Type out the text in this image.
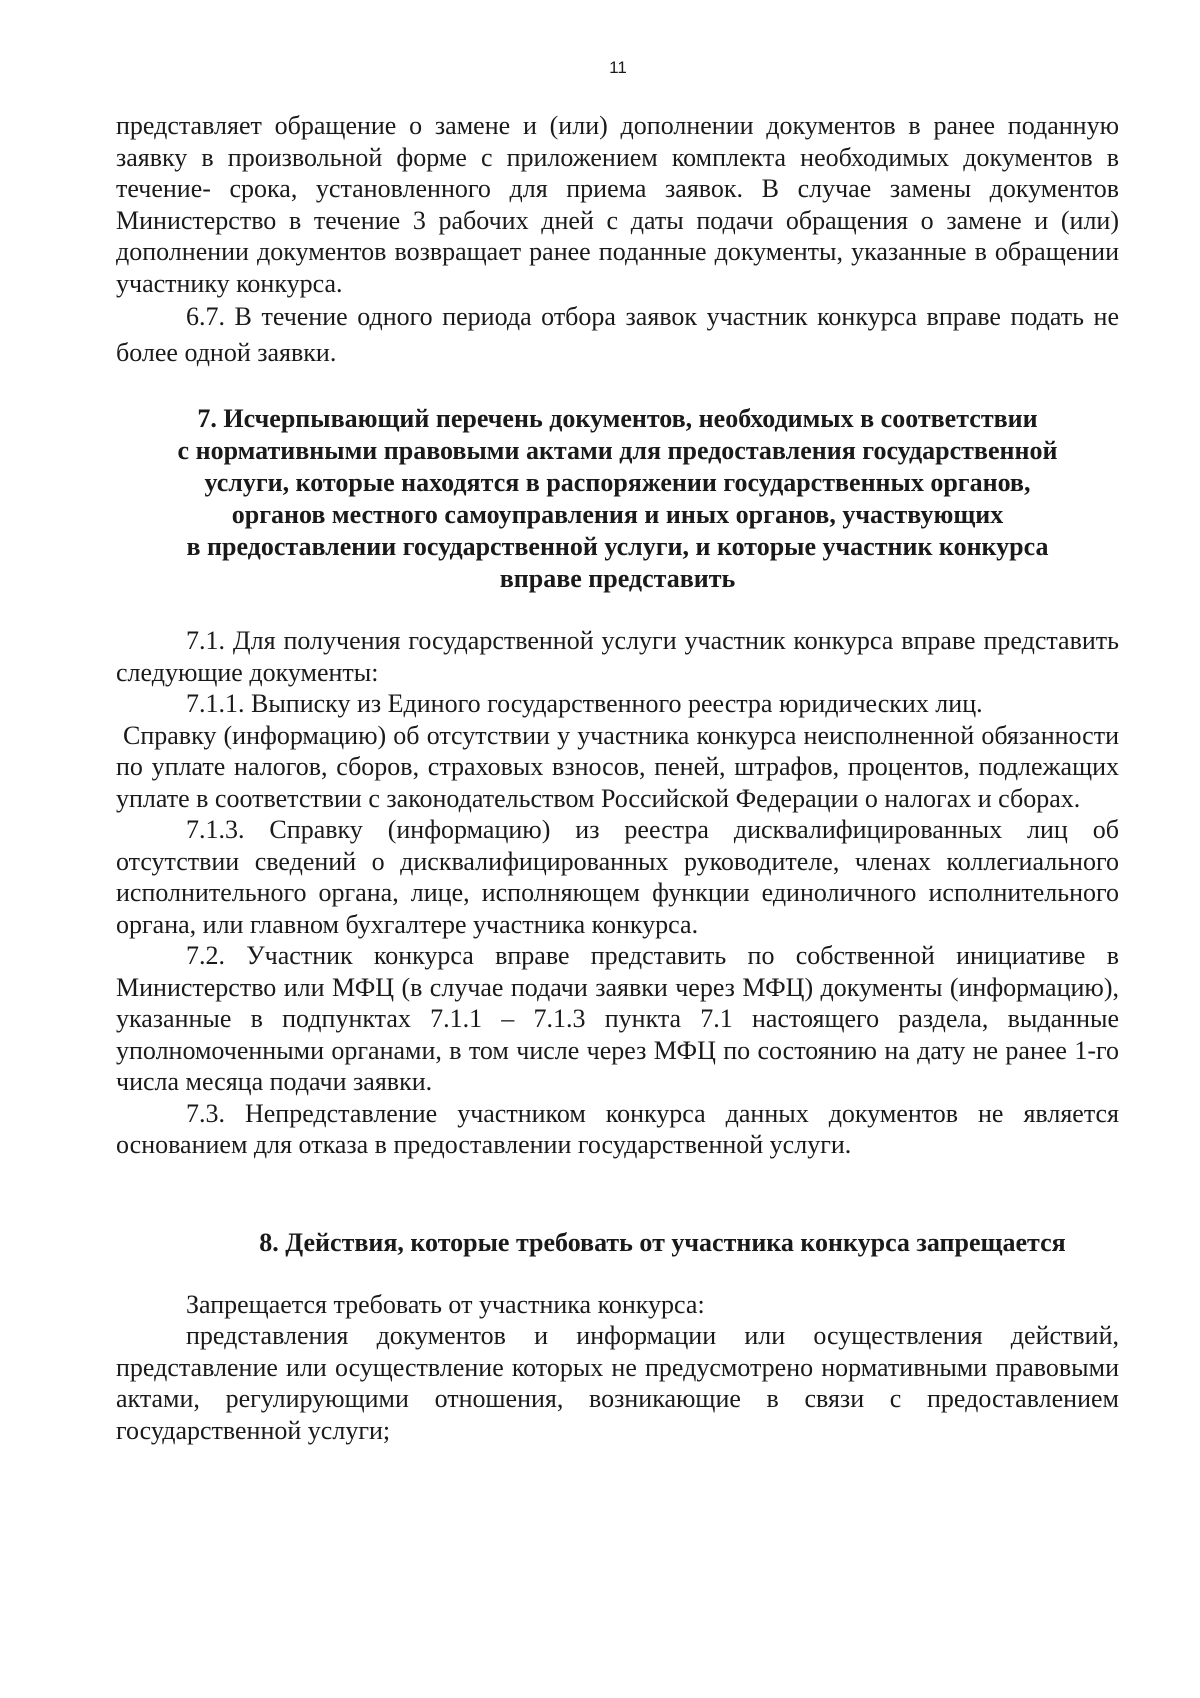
11

представляет обращение о замене и (или) дополнении документов в ранее поданную заявку в произвольной форме с приложением комплекта необходимых документов в течение- срока, установленного для приема заявок. В случае замены документов Министерство в течение 3 рабочих дней с даты подачи обращения о замене и (или) дополнении документов возвращает ранее поданные документы, указанные в обращении участнику конкурса.

6.7. В течение одного периода отбора заявок участник конкурса вправе подать не более одной заявки.

7. Исчерпывающий перечень документов, необходимых в соответствии
с нормативными правовыми актами для предоставления государственной
услуги, которые находятся в распоряжении государственных органов,
органов местного самоуправления и иных органов, участвующих
в предоставлении государственной услуги, и которые участник конкурса
вправе представить

7.1. Для получения государственной услуги участник конкурса вправе представить следующие документы:

7.1.1. Выписку из Единого государственного реестра юридических лиц.

Справку (информацию) об отсутствии у участника конкурса неисполненной обязанности по уплате налогов, сборов, страховых взносов, пеней, штрафов, процентов, подлежащих уплате в соответствии с законодательством Российской Федерации о налогах и сборах.

7.1.3. Справку (информацию) из реестра дисквалифицированных лиц об отсутствии сведений о дисквалифицированных руководителе, членах коллегиального исполнительного органа, лице, исполняющем функции единоличного исполнительного органа, или главном бухгалтере участника конкурса.

7.2. Участник конкурса вправе представить по собственной инициативе в Министерство или МФЦ (в случае подачи заявки через МФЦ) документы (информацию), указанные в подпунктах 7.1.1 – 7.1.3 пункта 7.1 настоящего раздела, выданные уполномоченными органами, в том числе через МФЦ по состоянию на дату не ранее 1-го числа месяца подачи заявки.

7.3. Непредставление участником конкурса данных документов не является основанием для отказа в предоставлении государственной услуги.

8. Действия, которые требовать от участника конкурса запрещается

Запрещается требовать от участника конкурса:

представления документов и информации или осуществления действий, представление или осуществление которых не предусмотрено нормативными правовыми актами, регулирующими отношения, возникающие в связи с предоставлением государственной услуги;
